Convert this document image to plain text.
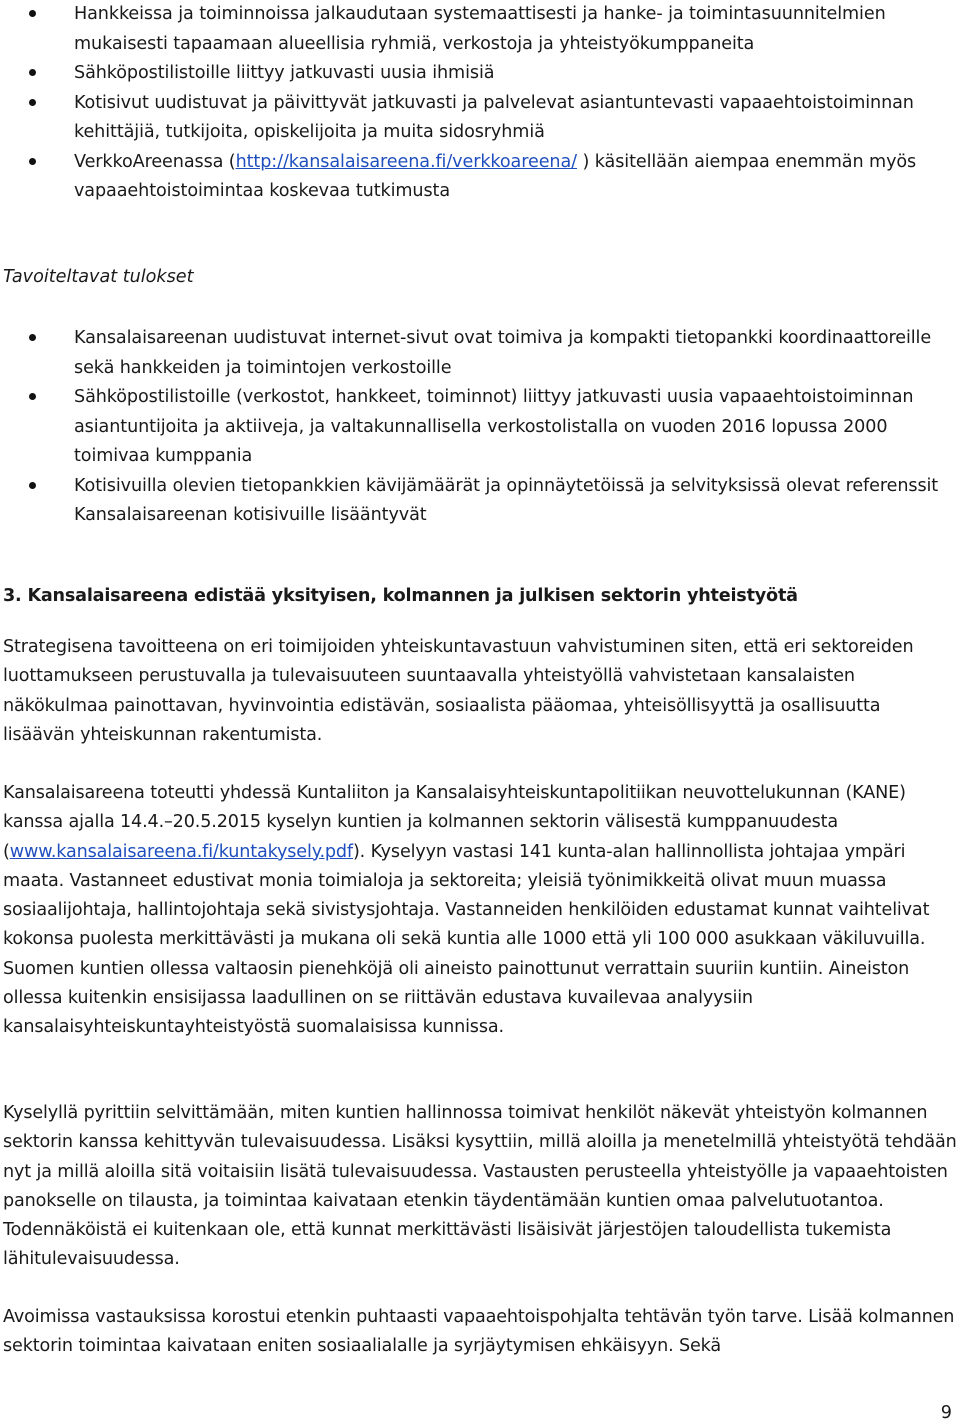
Hankkeissa ja toiminnoissa jalkaudutaan systemaattisesti ja hanke- ja toimintasuunnitelmien mukaisesti tapaamaan alueellisia ryhmiä, verkostoja ja yhteistyökumppaneita
Sähköpostilistoille liittyy jatkuvasti uusia ihmisiä
Kotisivut uudistuvat ja päivittyvät jatkuvasti ja palvelevat asiantuntevasti vapaaehtoistoiminnan kehittäjiä, tutkijoita, opiskelijoita ja muita sidosryhmiä
VerkkoAreenassa (http://kansalaisareena.fi/verkkoareena/ ) käsitellään aiempaa enemmän myös vapaaehtoistoimintaa koskevaa tutkimusta
Tavoiteltavat tulokset
Kansalaisareenan uudistuvat internet-sivut ovat toimiva ja kompakti tietopankki koordinaattoreille sekä hankkeiden ja toimintojen verkostoille
Sähköpostilistoille (verkostot, hankkeet, toiminnot) liittyy jatkuvasti uusia vapaaehtoistoiminnan asiantuntijoita ja aktiiveja, ja valtakunnallisella verkostolistalla on vuoden 2016 lopussa 2000 toimivaa kumppania
Kotisivuilla olevien tietopankkien kävijämäärät ja opinnäytetöissä ja selvityksissä olevat referenssit Kansalaisareenan kotisivuille lisääntyvät
3. Kansalaisareena edistää yksityisen, kolmannen ja julkisen sektorin yhteistyötä

Strategisena tavoitteena on eri toimijoiden yhteiskuntavastuun vahvistuminen siten, että eri sektoreiden luottamukseen perustuvalla ja tulevaisuuteen suuntaavalla yhteistyöllä vahvistetaan kansalaisten näkökulmaa painottavan, hyvinvointia edistävän, sosiaalista pääomaa, yhteisöllisyyttä ja osallisuutta lisäävän yhteiskunnan rakentumista.

Kansalaisareena toteutti yhdessä Kuntaliiton ja Kansalaisyhteiskuntapolitiikan neuvottelukunnan (KANE) kanssa ajalla 14.4.–20.5.2015 kyselyn kuntien ja kolmannen sektorin välisestä kumppanuudesta (www.kansalaisareena.fi/kuntakysely.pdf). Kyselyyn vastasi 141 kunta-alan hallinnollista johtajaa ympäri maata. Vastanneet edustivat monia toimialoja ja sektoreita; yleisiä työnimikkeitä olivat muun muassa sosiaalijohtaja, hallintojohtaja sekä sivistysjohtaja. Vastanneiden henkilöiden edustamat kunnat vaihtelivat kokonsa puolesta merkittävästi ja mukana oli sekä kuntia alle 1000 että yli 100 000 asukkaan väkiluvuilla. Suomen kuntien ollessa valtaosin pienehköjä oli aineisto painottunut verrattain suuriin kuntiin. Aineiston ollessa kuitenkin ensisijassa laadullinen on se riittävän edustava kuvailevaa analyysiin kansalaisyhteiskuntayhteistyöstä suomalaisissa kunnissa.

Kyselyllä pyrittiin selvittämään, miten kuntien hallinnossa toimivat henkilöt näkevät yhteistyön kolmannen sektorin kanssa kehittyvän tulevaisuudessa. Lisäksi kysyttiin, millä aloilla ja menetelmillä yhteistyötä tehdään nyt ja millä aloilla sitä voitaisiin lisätä tulevaisuudessa. Vastausten perusteella yhteistyölle ja vapaaehtoisten panokselle on tilausta, ja toimintaa kaivataan etenkin täydentämään kuntien omaa palvelutuotantoa. Todennäköistä ei kuitenkaan ole, että kunnat merkittävästi lisäisivät järjestöjen taloudellista tukemista lähitulevaisuudessa.

Avoimissa vastauksissa korostui etenkin puhtaasti vapaaehtoispohjalta tehtävän työn tarve. Lisää kolmannen sektorin toimintaa kaivataan eniten sosiaalialalle ja syrjäytymisen ehkäisyyn. Sekä

9
